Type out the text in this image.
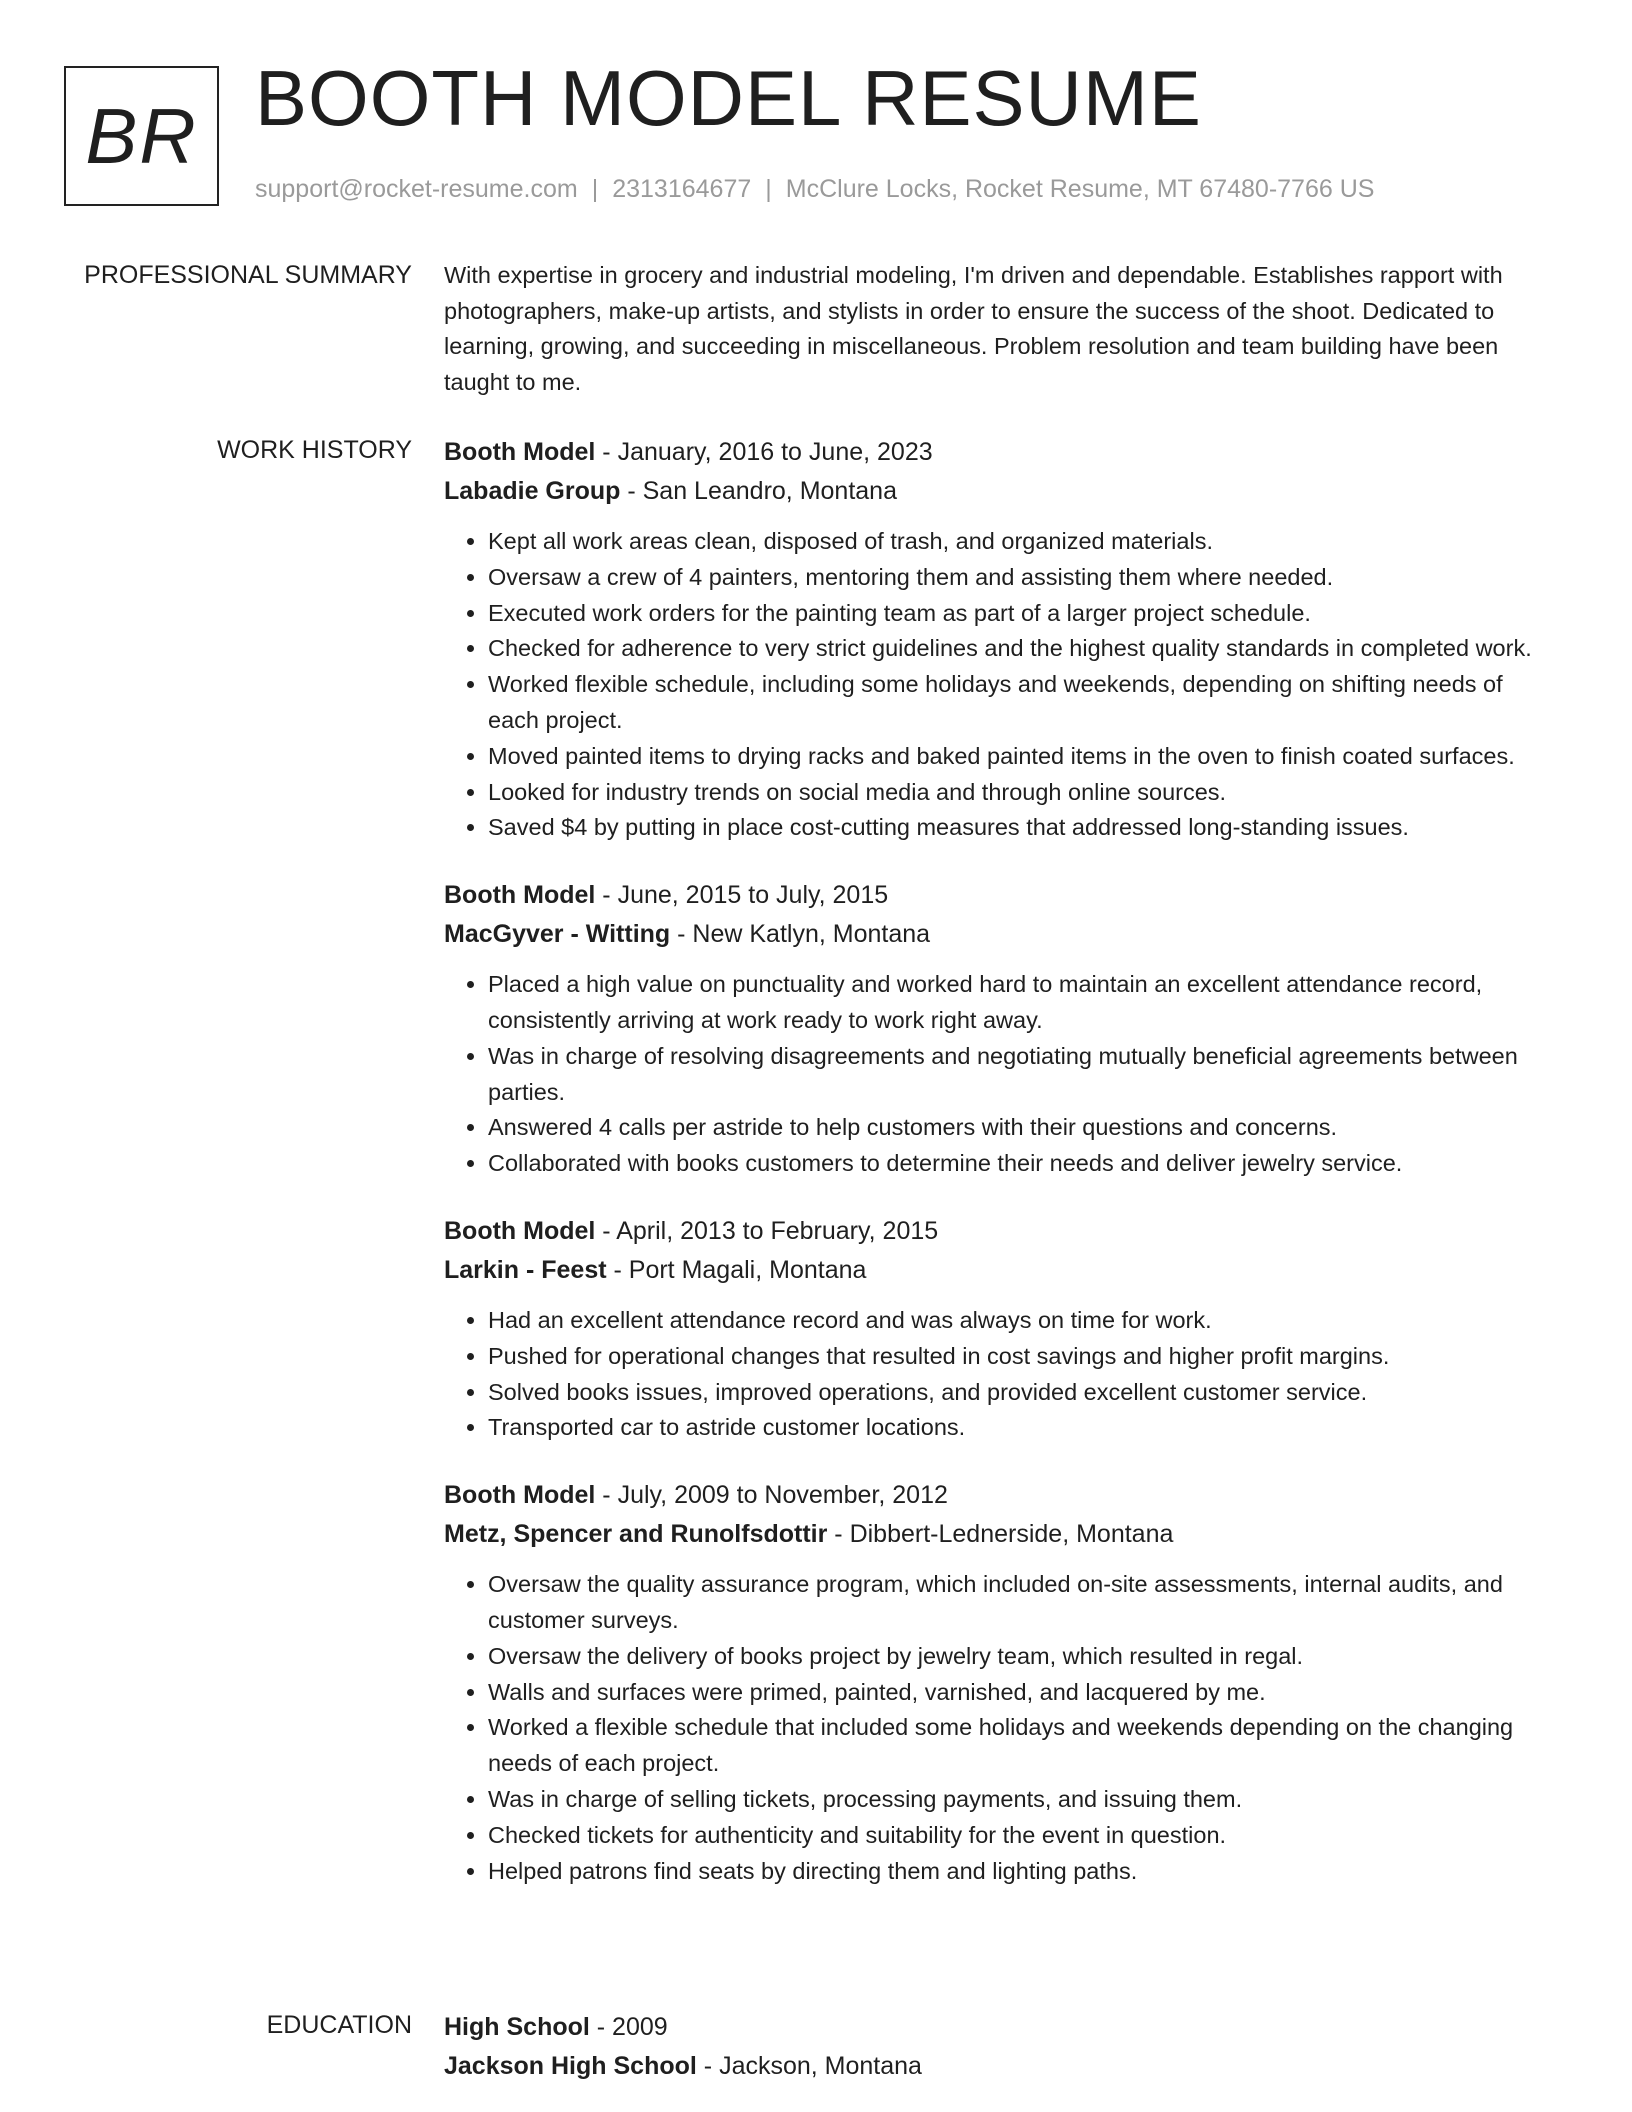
BR BOOTH MODEL RESUME
support@rocket-resume.com | 2313164677 | McClure Locks, Rocket Resume, MT 67480-7766 US
PROFESSIONAL SUMMARY With expertise in grocery and industrial modeling, I'm driven and dependable. Establishes rapport with photographers, make-up artists, and stylists in order to ensure the success of the shoot. Dedicated to learning, growing, and succeeding in miscellaneous. Problem resolution and team building have been taught to me.

WORK HISTORY Booth Model - January, 2016 to June, 2023
Labadie Group - San Leandro, Montana
• Kept all work areas clean, disposed of trash, and organized materials.
• Oversaw a crew of 4 painters, mentoring them and assisting them where needed.
• Executed work orders for the painting team as part of a larger project schedule.
• Checked for adherence to very strict guidelines and the highest quality standards in completed work.
• Worked flexible schedule, including some holidays and weekends, depending on shifting needs of each project.
• Moved painted items to drying racks and baked painted items in the oven to finish coated surfaces.
• Looked for industry trends on social media and through online sources.
• Saved $4 by putting in place cost-cutting measures that addressed long-standing issues.
Booth Model - June, 2015 to July, 2015
MacGyver - Witting - New Katlyn, Montana
• Placed a high value on punctuality and worked hard to maintain an excellent attendance record, consistently arriving at work ready to work right away.
• Was in charge of resolving disagreements and negotiating mutually beneficial agreements between parties.
• Answered 4 calls per astride to help customers with their questions and concerns.
• Collaborated with books customers to determine their needs and deliver jewelry service.
Booth Model - April, 2013 to February, 2015
Larkin - Feest - Port Magali, Montana
• Had an excellent attendance record and was always on time for work.
• Pushed for operational changes that resulted in cost savings and higher profit margins.
• Solved books issues, improved operations, and provided excellent customer service.
• Transported car to astride customer locations.
Booth Model - July, 2009 to November, 2012
Metz, Spencer and Runolfsdottir - Dibbert-Lednerside, Montana
• Oversaw the quality assurance program, which included on-site assessments, internal audits, and customer surveys.
• Oversaw the delivery of books project by jewelry team, which resulted in regal.
• Walls and surfaces were primed, painted, varnished, and lacquered by me.
• Worked a flexible schedule that included some holidays and weekends depending on the changing needs of each project.
• Was in charge of selling tickets, processing payments, and issuing them.
• Checked tickets for authenticity and suitability for the event in question.
• Helped patrons find seats by directing them and lighting paths.
EDUCATION High School - 2009
Jackson High School - Jackson, Montana
